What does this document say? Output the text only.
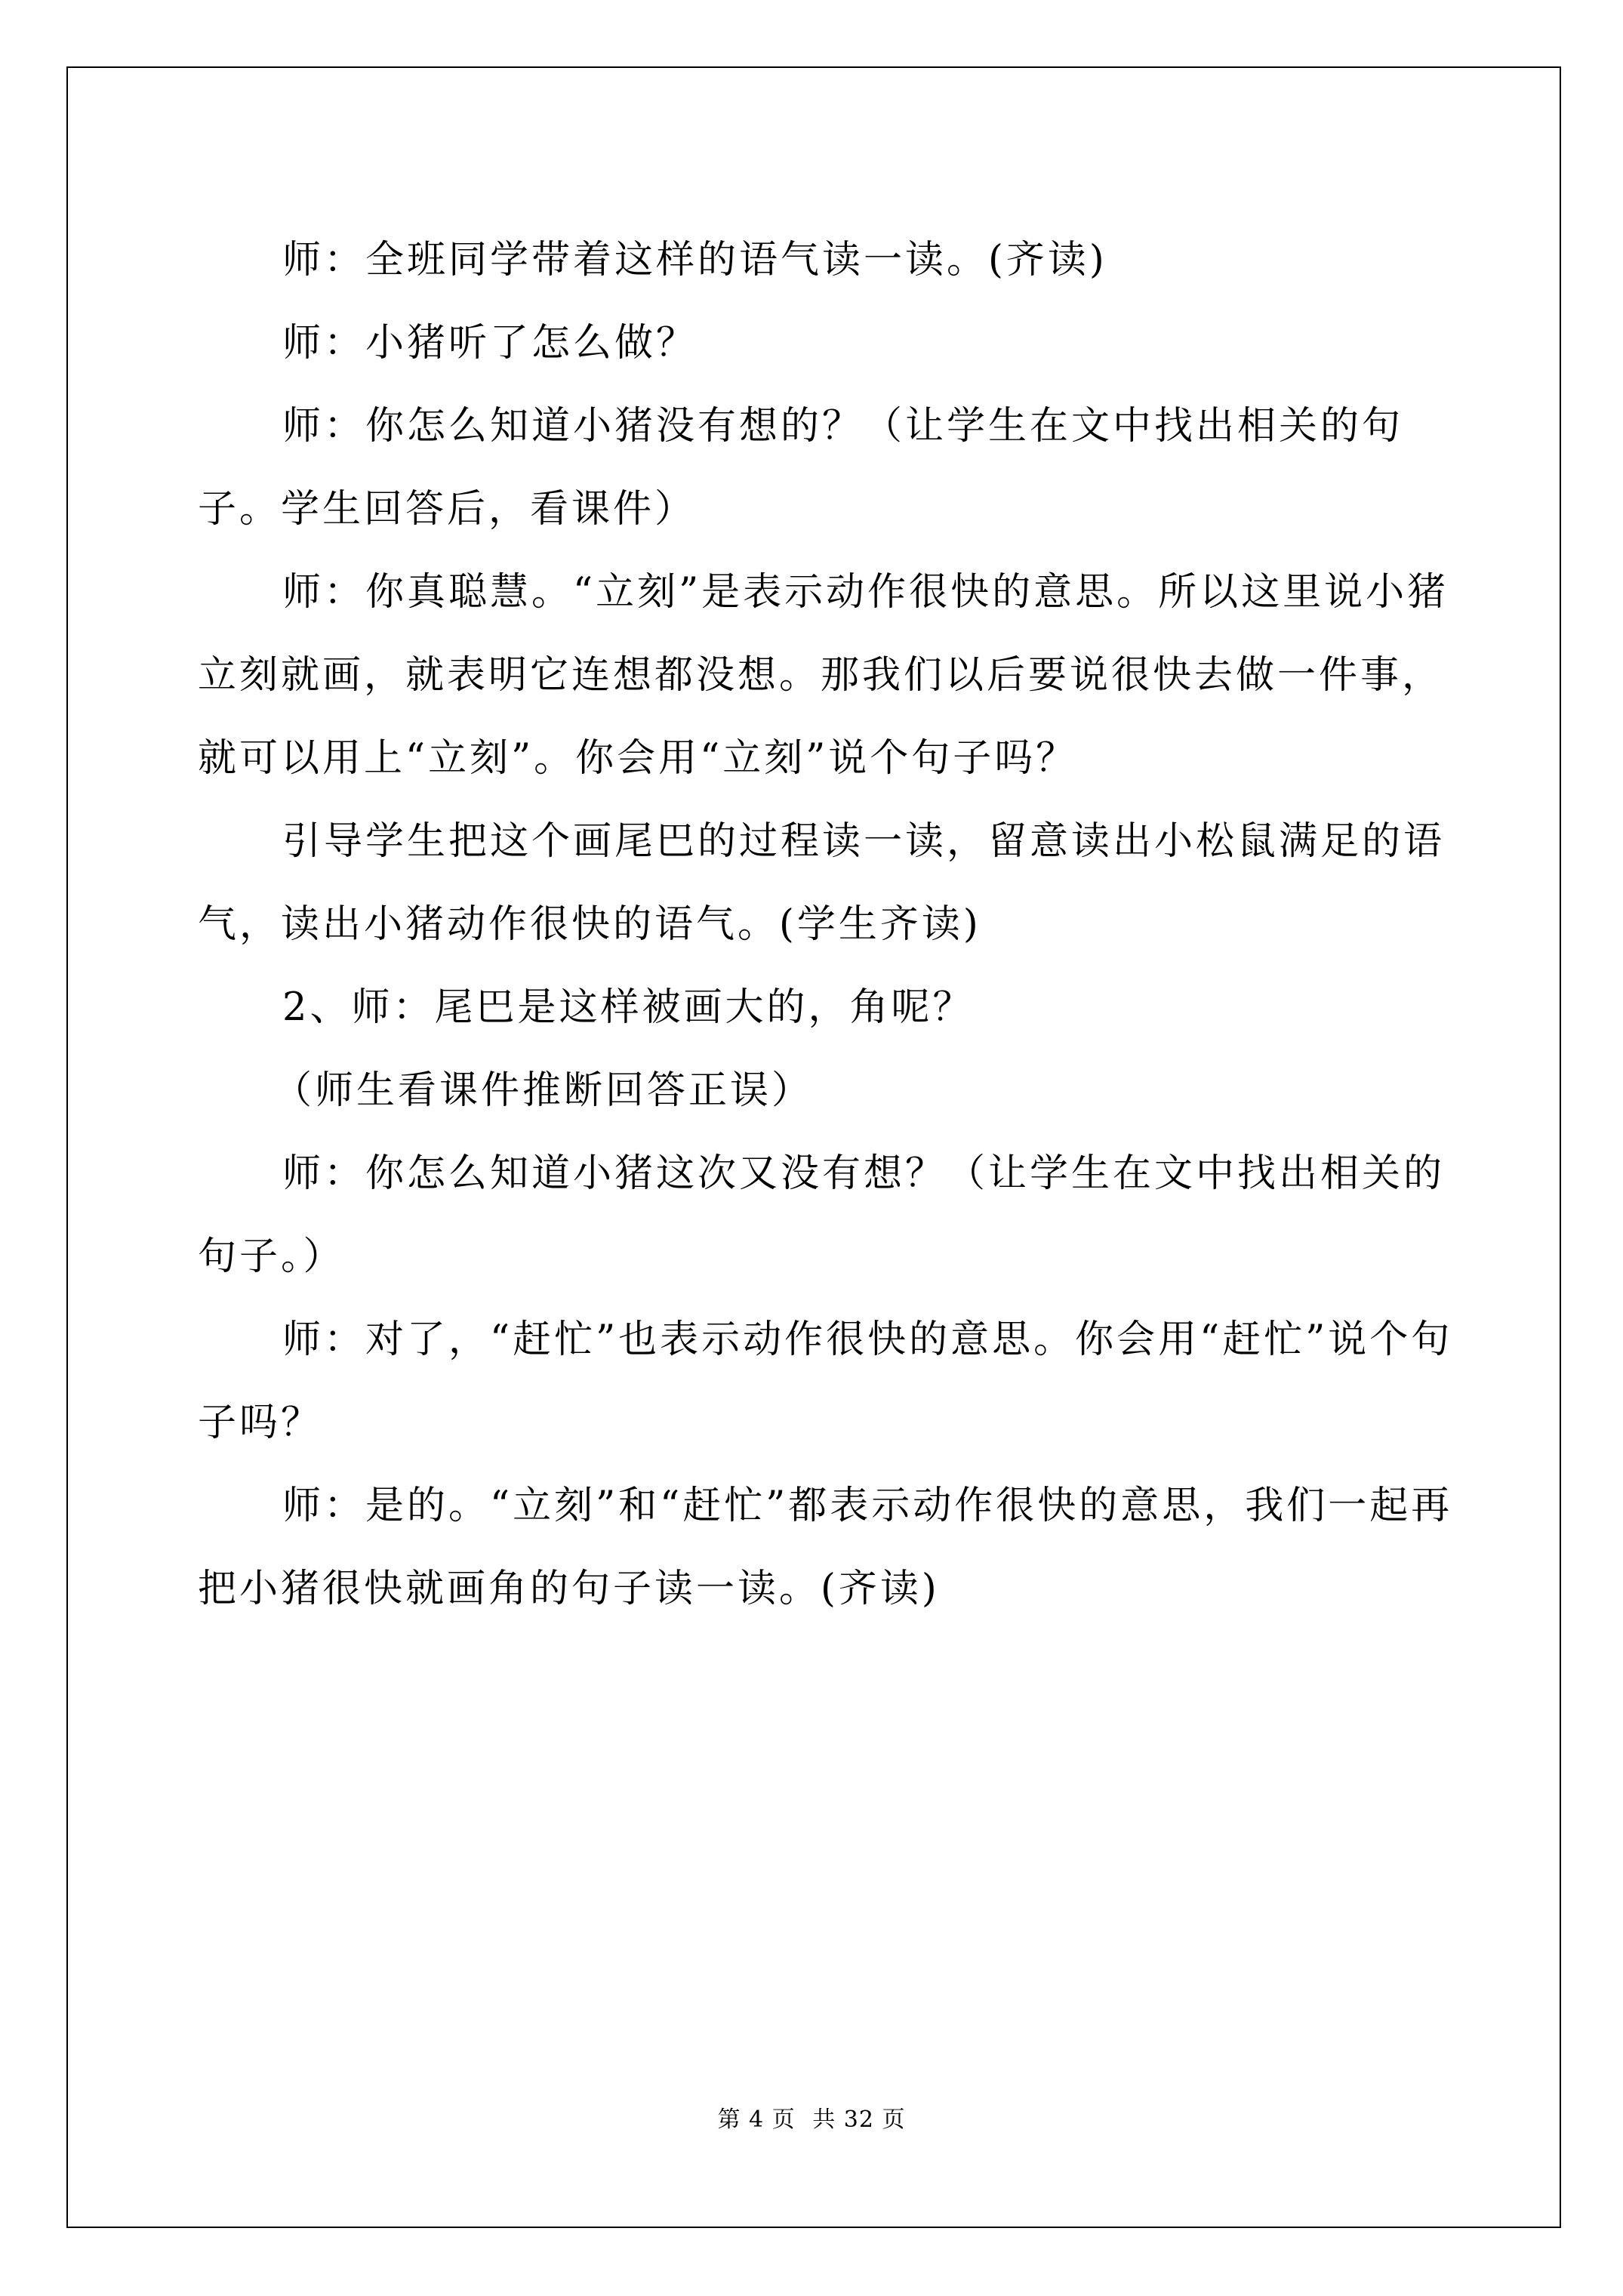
师：全班同学带着这样的语气读一读。(齐读)

师：小猪听了怎么做？

师：你怎么知道小猪没有想的？（让学生在文中找出相关的句子。学生回答后，看课件）

师：你真聪慧。“立刻”是表示动作很快的意思。所以这里说小猪立刻就画，就表明它连想都没想。那我们以后要说很快去做一件事，就可以用上“立刻”。你会用“立刻”说个句子吗？

引导学生把这个画尾巴的过程读一读，留意读出小松鼠满足的语气，读出小猪动作很快的语气。(学生齐读)

2、师：尾巴是这样被画大的，角呢？

（师生看课件推断回答正误）

师：你怎么知道小猪这次又没有想？（让学生在文中找出相关的句子。）

师：对了，“赶忙”也表示动作很快的意思。你会用“赶忙”说个句子吗？

师：是的。“立刻”和“赶忙”都表示动作很快的意思，我们一起再把小猪很快就画角的句子读一读。(齐读)

第 4 页 共 32 页
